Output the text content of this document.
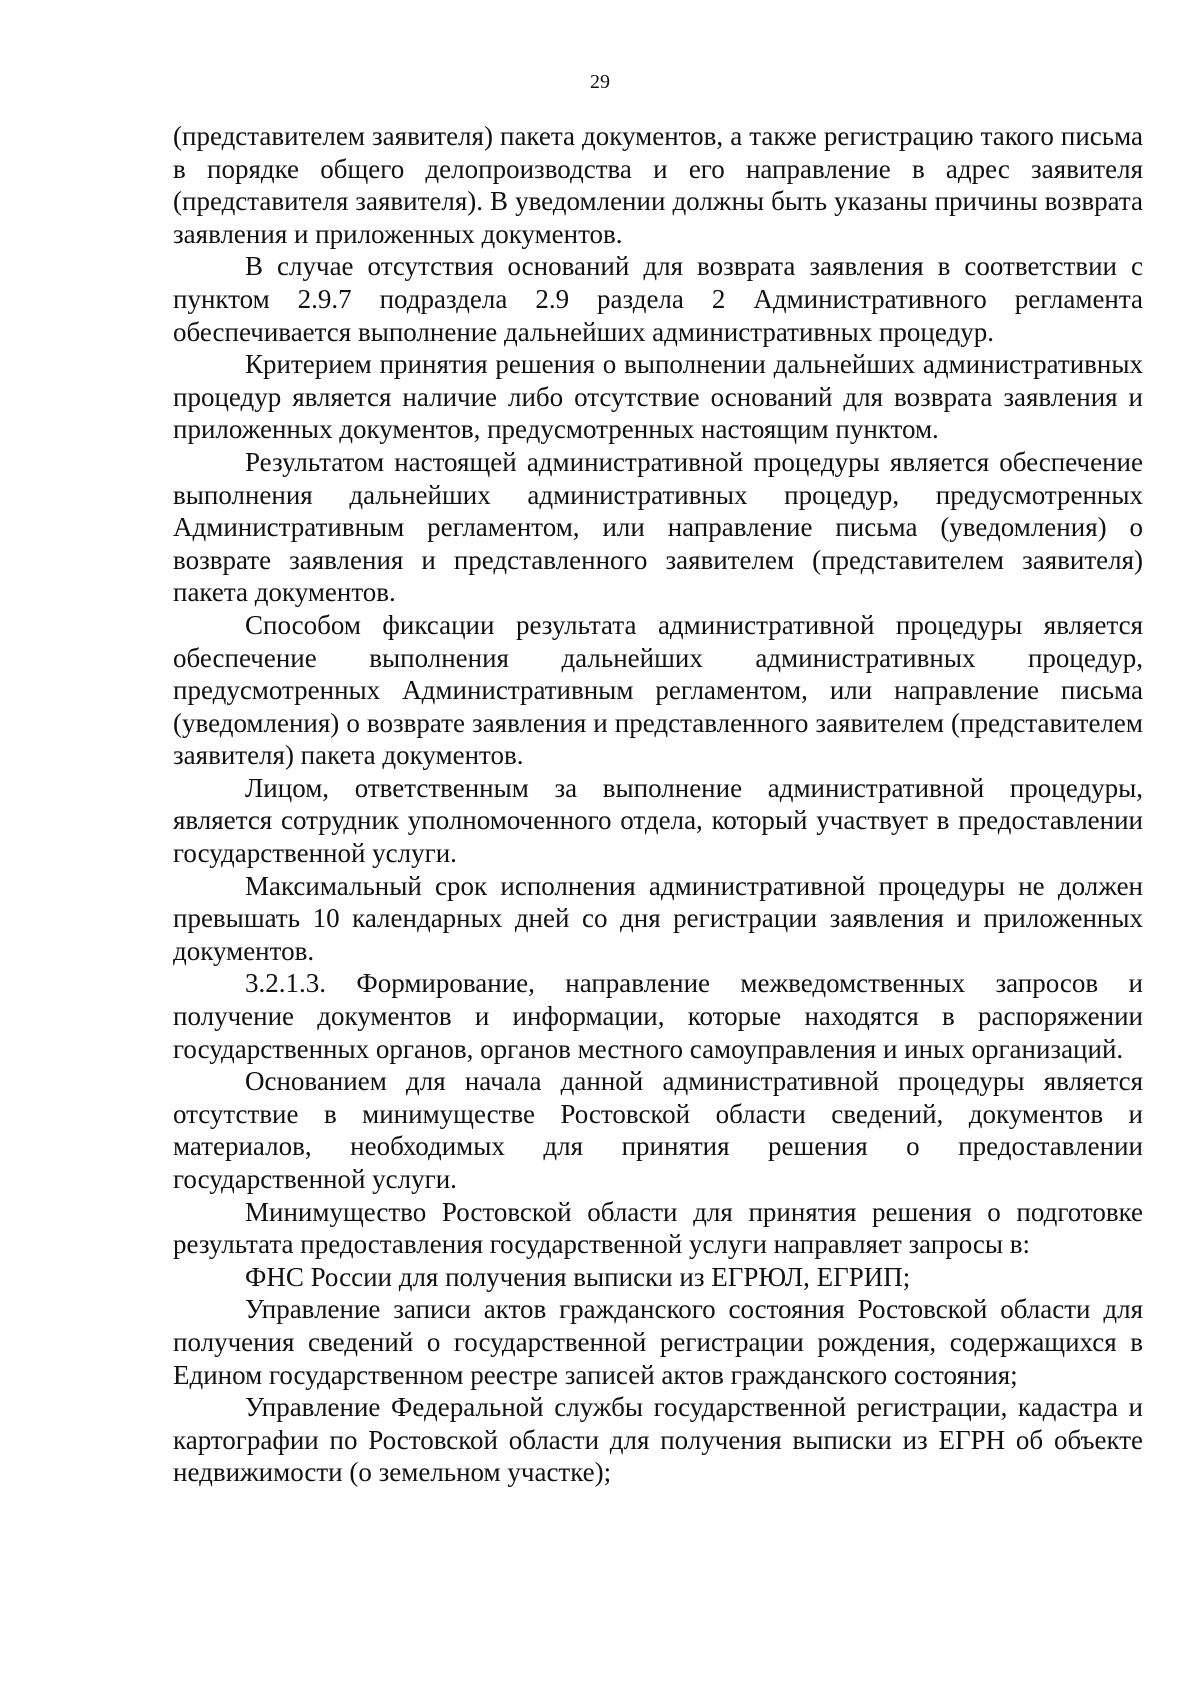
29

(представителем заявителя) пакета документов, а также регистрацию такого письма в порядке общего делопроизводства и его направление в адрес заявителя (представителя заявителя). В уведомлении должны быть указаны причины возврата заявления и приложенных документов.

В случае отсутствия оснований для возврата заявления в соответствии с пунктом 2.9.7 подраздела 2.9 раздела 2 Административного регламента обеспечивается выполнение дальнейших административных процедур.

Критерием принятия решения о выполнении дальнейших административных процедур является наличие либо отсутствие оснований для возврата заявления и приложенных документов, предусмотренных настоящим пунктом.

Результатом настоящей административной процедуры является обеспечение выполнения дальнейших административных процедур, предусмотренных Административным регламентом, или направление письма (уведомления) о возврате заявления и представленного заявителем (представителем заявителя) пакета документов.

Способом фиксации результата административной процедуры является обеспечение выполнения дальнейших административных процедур, предусмотренных Административным регламентом, или направление письма (уведомления) о возврате заявления и представленного заявителем (представителем заявителя) пакета документов.

Лицом, ответственным за выполнение административной процедуры, является сотрудник уполномоченного отдела, который участвует в предоставлении государственной услуги.

Максимальный срок исполнения административной процедуры не должен превышать 10 календарных дней со дня регистрации заявления и приложенных документов.

3.2.1.3. Формирование, направление межведомственных запросов и получение документов и информации, которые находятся в распоряжении государственных органов, органов местного самоуправления и иных организаций.

Основанием для начала данной административной процедуры является отсутствие в минимуществе Ростовской области сведений, документов и материалов, необходимых для принятия решения о предоставлении государственной услуги.

Минимущество Ростовской области для принятия решения о подготовке результата предоставления государственной услуги направляет запросы в:

ФНС России для получения выписки из ЕГРЮЛ, ЕГРИП;

Управление записи актов гражданского состояния Ростовской области для получения сведений о государственной регистрации рождения, содержащихся в Едином государственном реестре записей актов гражданского состояния;

Управление Федеральной службы государственной регистрации, кадастра и картографии по Ростовской области для получения выписки из ЕГРН об объекте недвижимости (о земельном участке);
